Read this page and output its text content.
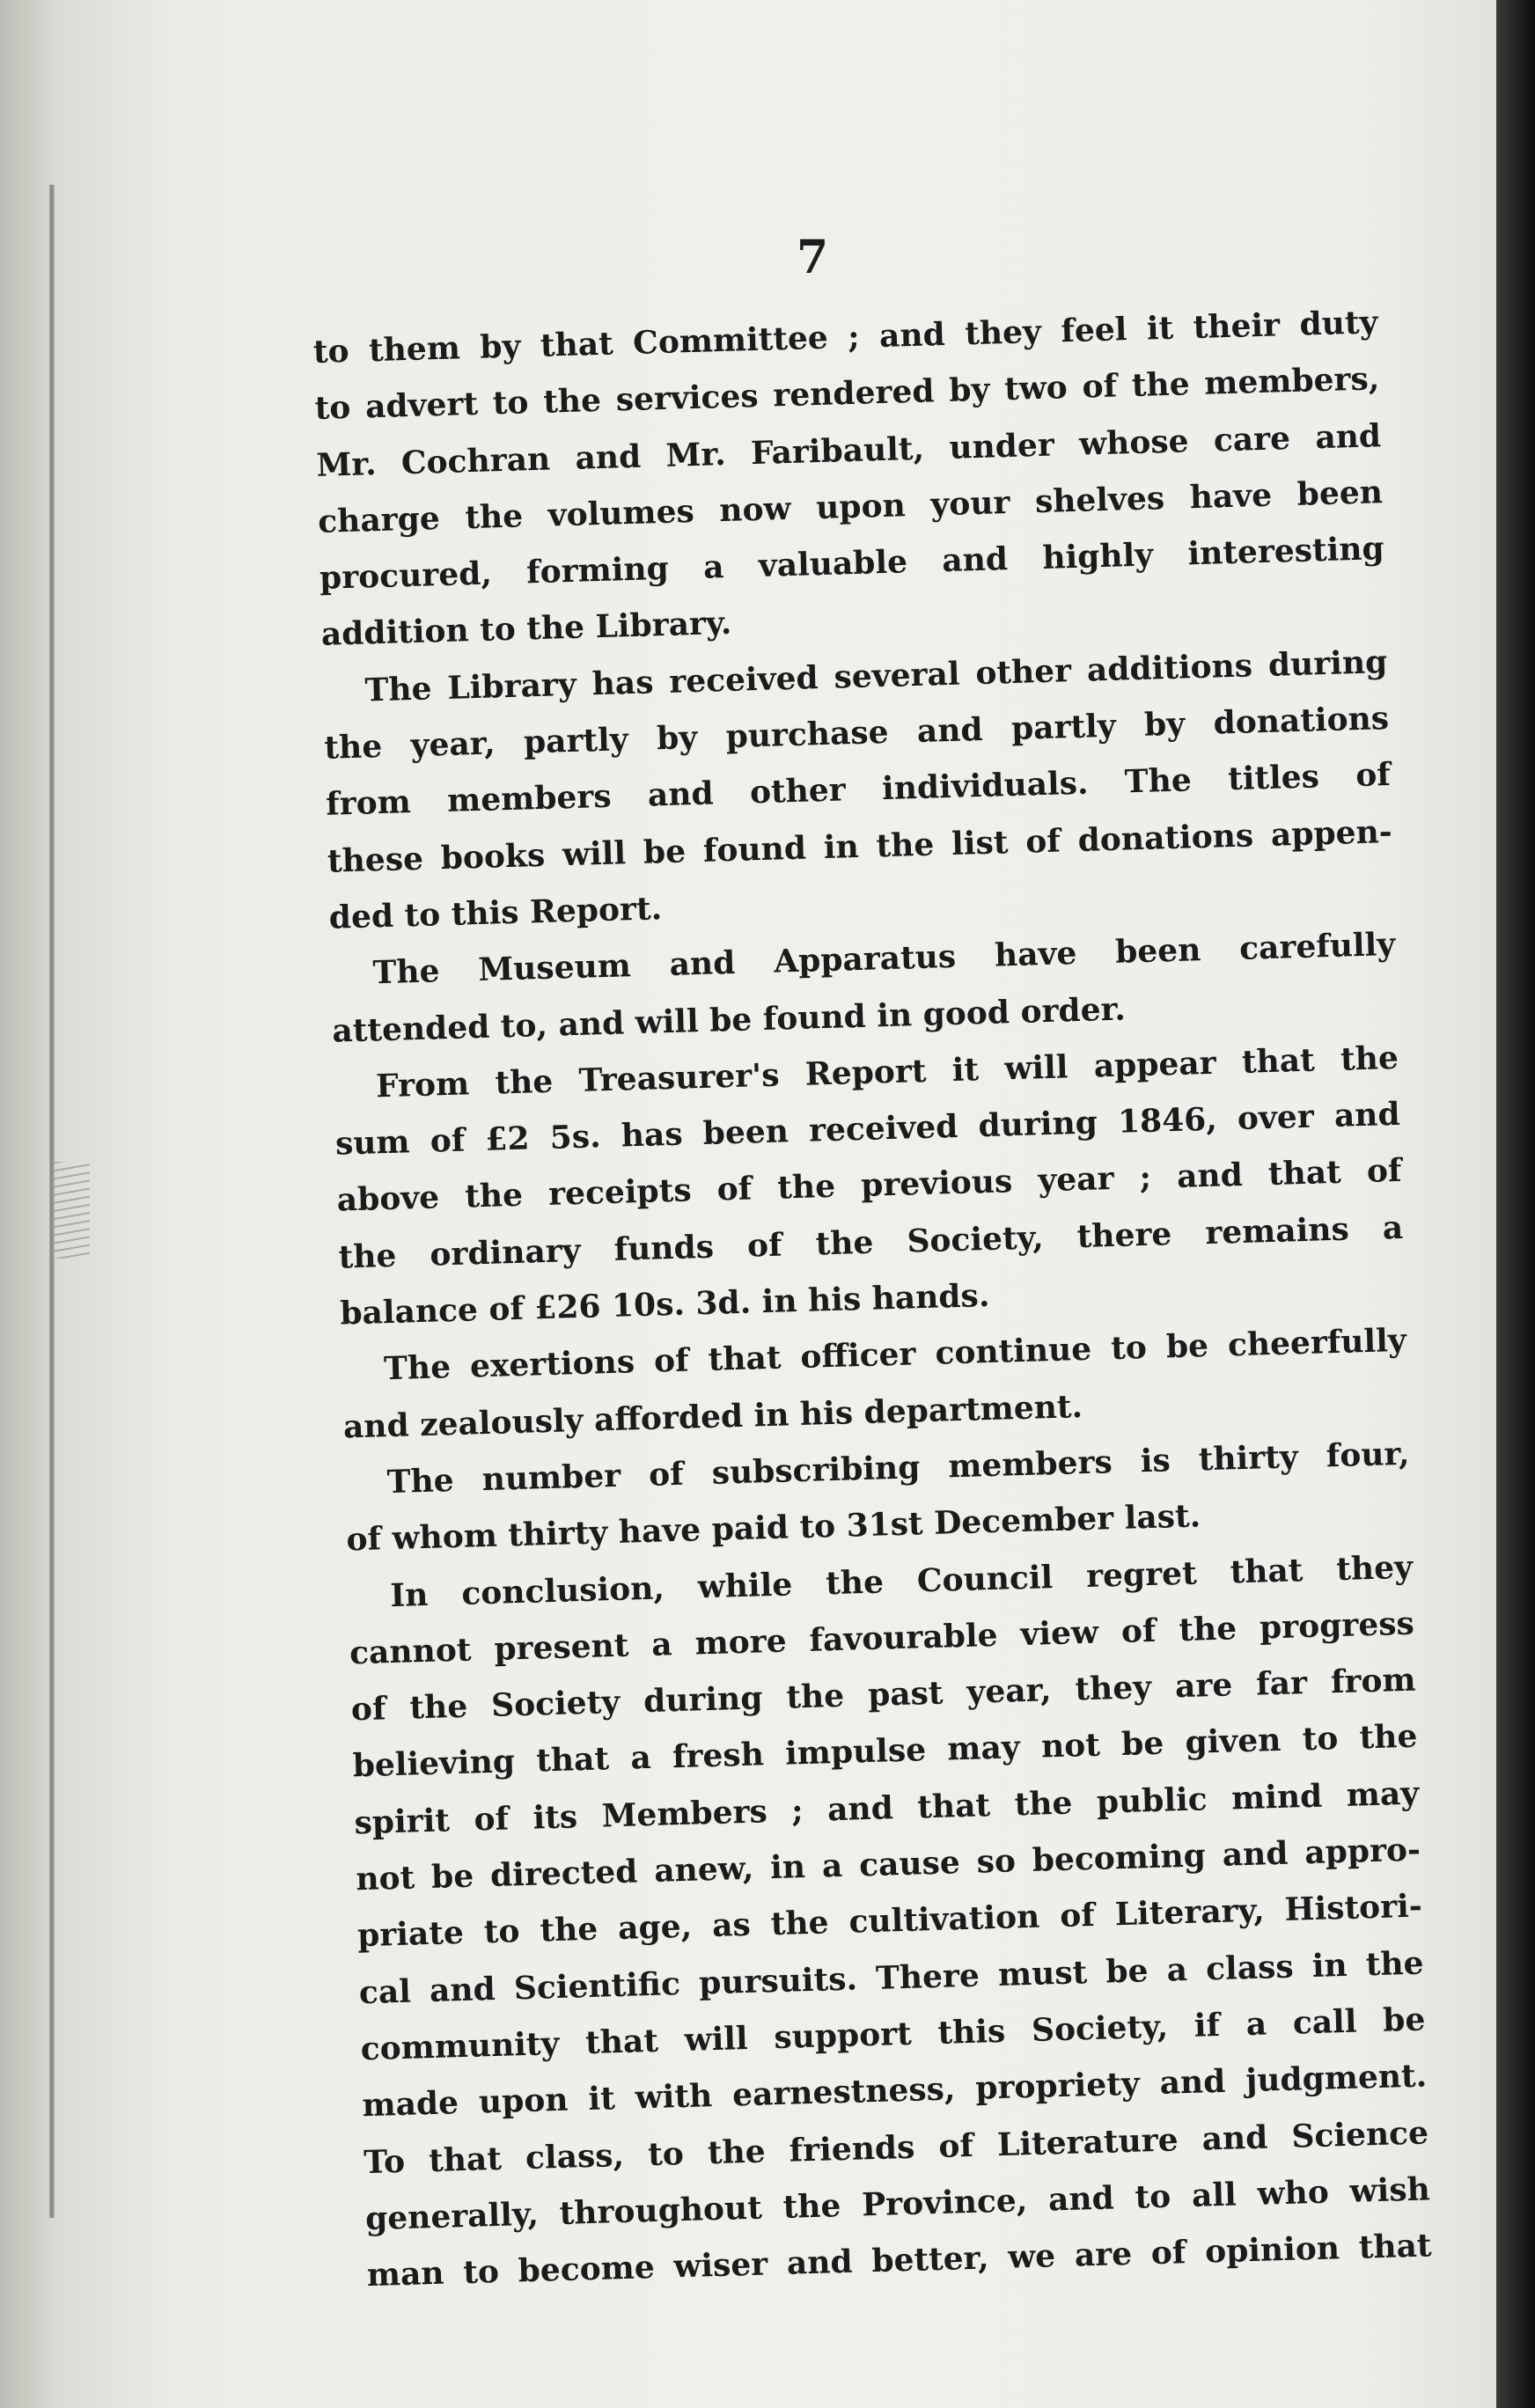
7
to them by that Committee ; and they feel it their duty
to advert to the services rendered by two of the members,
Mr. Cochran and Mr. Faribault, under whose care and
charge the volumes now upon your shelves have been
procured, forming a valuable and highly interesting
addition to the Library.
The Library has received several other additions during
the year, partly by purchase and partly by donations
from members and other individuals. The titles of
these books will be found in the list of donations appen-
ded to this Report.
The Museum and Apparatus have been carefully
attended to, and will be found in good order.
From the Treasurer's Report it will appear that the
sum of £2 5s. has been received during 1846, over and
above the receipts of the previous year ; and that of
the ordinary funds of the Society, there remains a
balance of £26 10s. 3d. in his hands.
The exertions of that officer continue to be cheerfully
and zealously afforded in his department.
The number of subscribing members is thirty four,
of whom thirty have paid to 31st December last.
In conclusion, while the Council regret that they
cannot present a more favourable view of the progress
of the Society during the past year, they are far from
believing that a fresh impulse may not be given to the
spirit of its Members ; and that the public mind may
not be directed anew, in a cause so becoming and appro-
priate to the age, as the cultivation of Literary, Histori-
cal and Scientific pursuits. There must be a class in the
community that will support this Society, if a call be
made upon it with earnestness, propriety and judgment.
To that class, to the friends of Literature and Science
generally, throughout the Province, and to all who wish
man to become wiser and better, we are of opinion that
